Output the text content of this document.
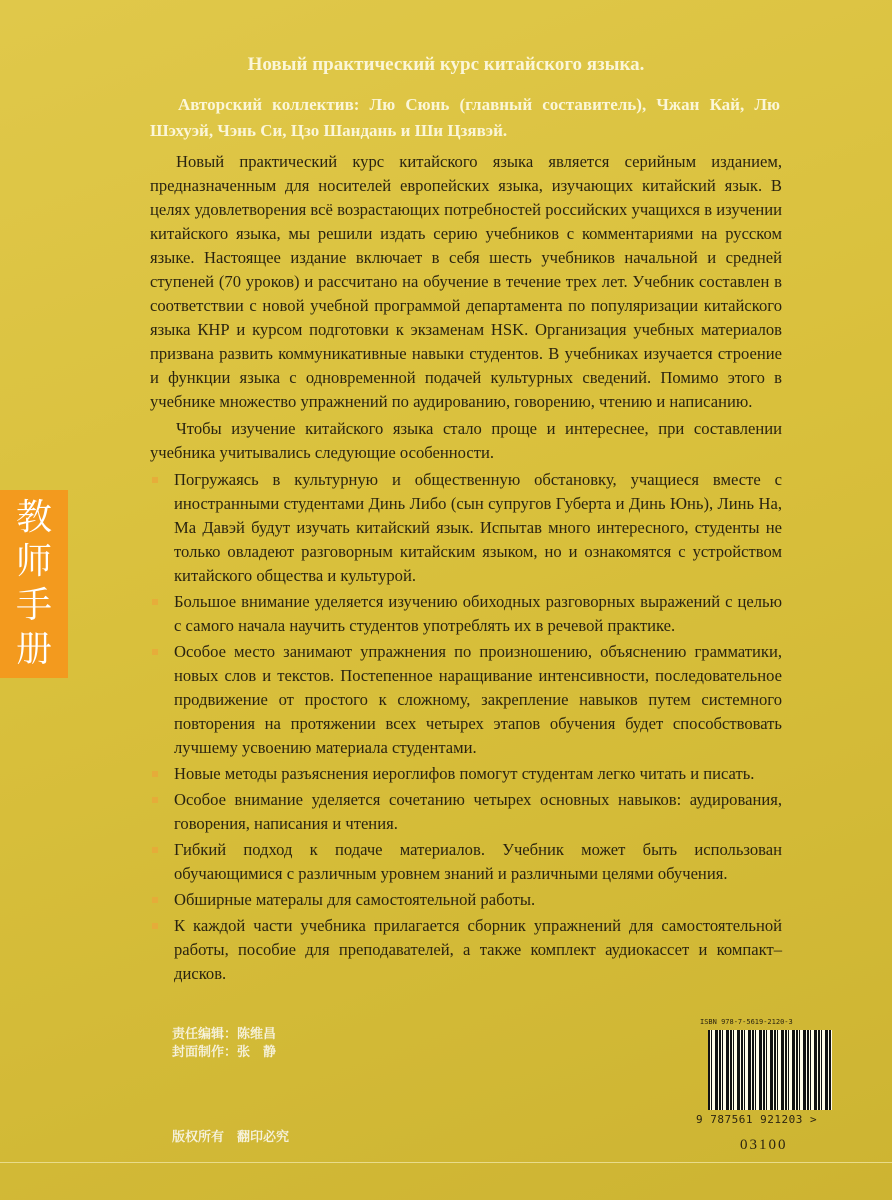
Новый практический курс китайского языка.
Авторский коллектив: Лю Сюнь (главный составитель), Чжан Кай, Лю Шэхуэй, Чэнь Си, Цзо Шандань и Ши Цзявэй.

Новый практический курс китайского языка является серийным изданием, предназначенным для носителей европейских языка, изучающих китайский язык. В целях удовлетворения всё возрастающих потребностей российских учащихся в изучении китайского языка, мы решили издать серию учебников с комментариями на русском языке. Настоящее издание включает в себя шесть учебников начальной и средней ступеней (70 уроков) и рассчитано на обучение в течение трех лет. Учебник составлен в соответствии с новой учебной программой департамента по популяризации китайского языка КНР и курсом подготовки к экзаменам HSK. Организация учебных материалов призвана развить коммуникативные навыки студентов. В учебниках изучается строение и функции языка с одновременной подачей культурных сведений. Помимо этого в учебнике множество упражнений по аудированию, говорению, чтению и написанию.

Чтобы изучение китайского языка стало проще и интереснее, при составлении учебника учитывались следующие особенности.

Погружаясь в культурную и общественную обстановку, учащиеся вместе с иностранными студентами Динь Либо (сын супругов Губерта и Динь Юнь), Линь На, Ма Давэй будут изучать китайский язык. Испытав много интересного, студенты не только овладеют разговорным китайским языком, но и ознакомятся с устройством китайского общества и культурой.
Большое внимание уделяется изучению обиходных разговорных выражений с целью с самого начала научить студентов употреблять их в речевой практике.
Особое место занимают упражнения по произношению, объяснению грамматики, новых слов и текстов. Постепенное наращивание интенсивности, последовательное продвижение от простого к сложному, закрепление навыков путем системного повторения на протяжении всех четырех этапов обучения будет способствовать лучшему усвоению материала студентами.
Новые методы разъяснения иероглифов помогут студентам легко читать и писать.
Особое внимание уделяется сочетанию четырех основных навыков: аудирования, говорения, написания и чтения.
Гибкий подход к подаче материалов. Учебник может быть использован обучающимися с различным уровнем знаний и различными целями обучения.
Обширные матерaлы для самостоятельной работы.
К каждой части учебника прилагается сборник упражнений для самостоятельной работы, пособие для преподавателей, а также комплект аудиокассет и компакт–дисков.
教师手册
责任编辑：陈维昌
封面制作：张　静
版权所有　翻印必究
ISBN 978-7-5619-2120-3
9 787561 921203 >
03100
